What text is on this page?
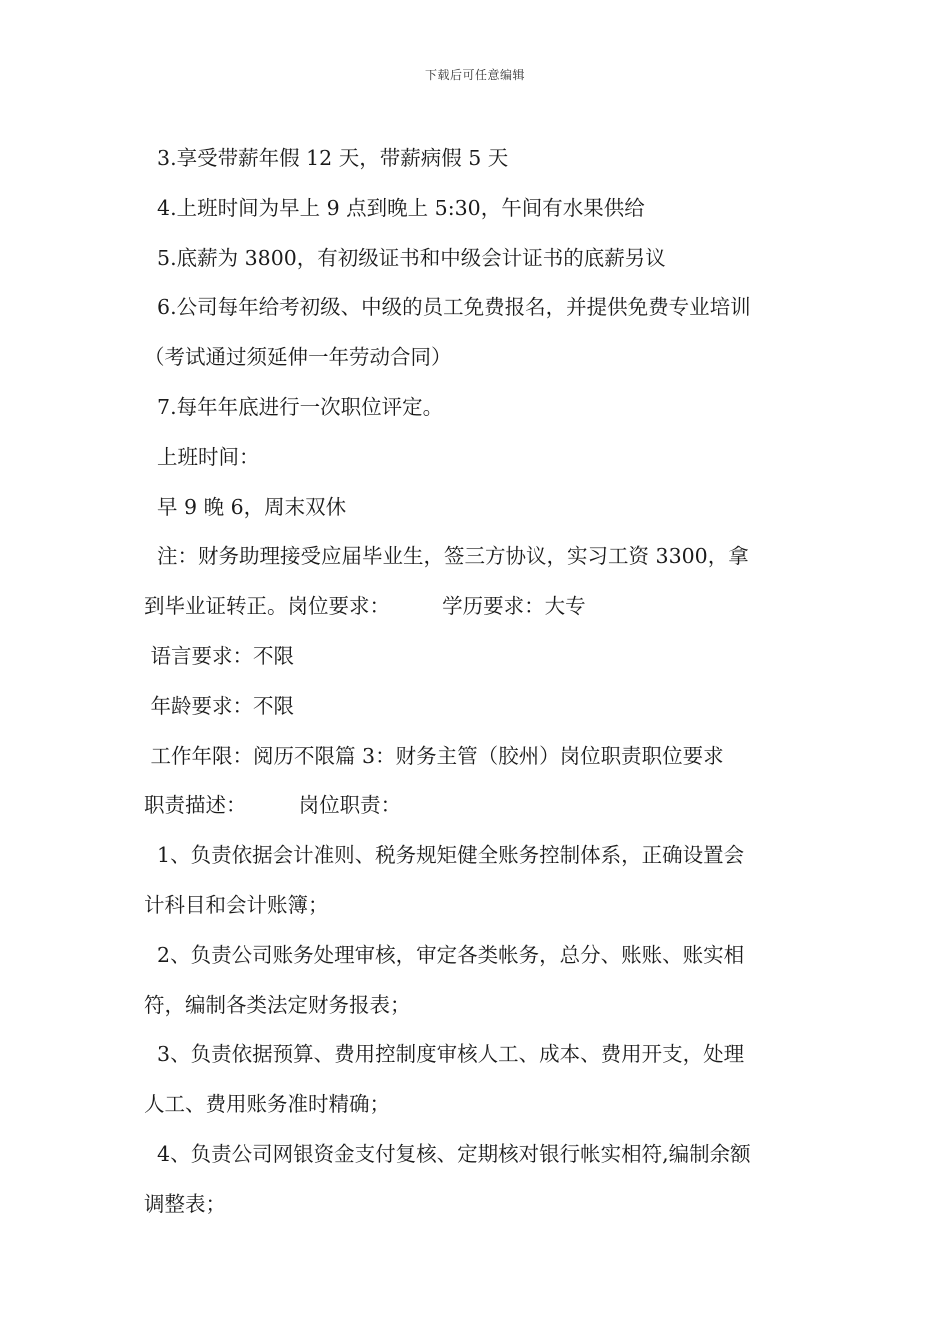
下载后可任意编辑
3.享受带薪年假 12 天，带薪病假 5 天
4.上班时间为早上 9 点到晚上 5:30，午间有水果供给
5.底薪为 3800，有初级证书和中级会计证书的底薪另议
6.公司每年给考初级、中级的员工免费报名，并提供免费专业培训
（考试通过须延伸一年劳动合同）
7.每年年底进行一次职位评定。
上班时间：
早 9 晚 6，周末双休
注：财务助理接受应届毕业生，签三方协议，实习工资 3300，拿
到毕业证转正。岗位要求：        学历要求：大专
语言要求：不限
年龄要求：不限
工作年限：阅历不限篇 3：财务主管（胶州）岗位职责职位要求
职责描述：        岗位职责：
1、负责依据会计准则、税务规矩健全账务控制体系，正确设置会
计科目和会计账簿；
2、负责公司账务处理审核，审定各类帐务，总分、账账、账实相
符，编制各类法定财务报表；
3、负责依据预算、费用控制度审核人工、成本、费用开支，处理
人工、费用账务准时精确；
4、负责公司网银资金支付复核、定期核对银行帐实相符,编制余额
调整表；
